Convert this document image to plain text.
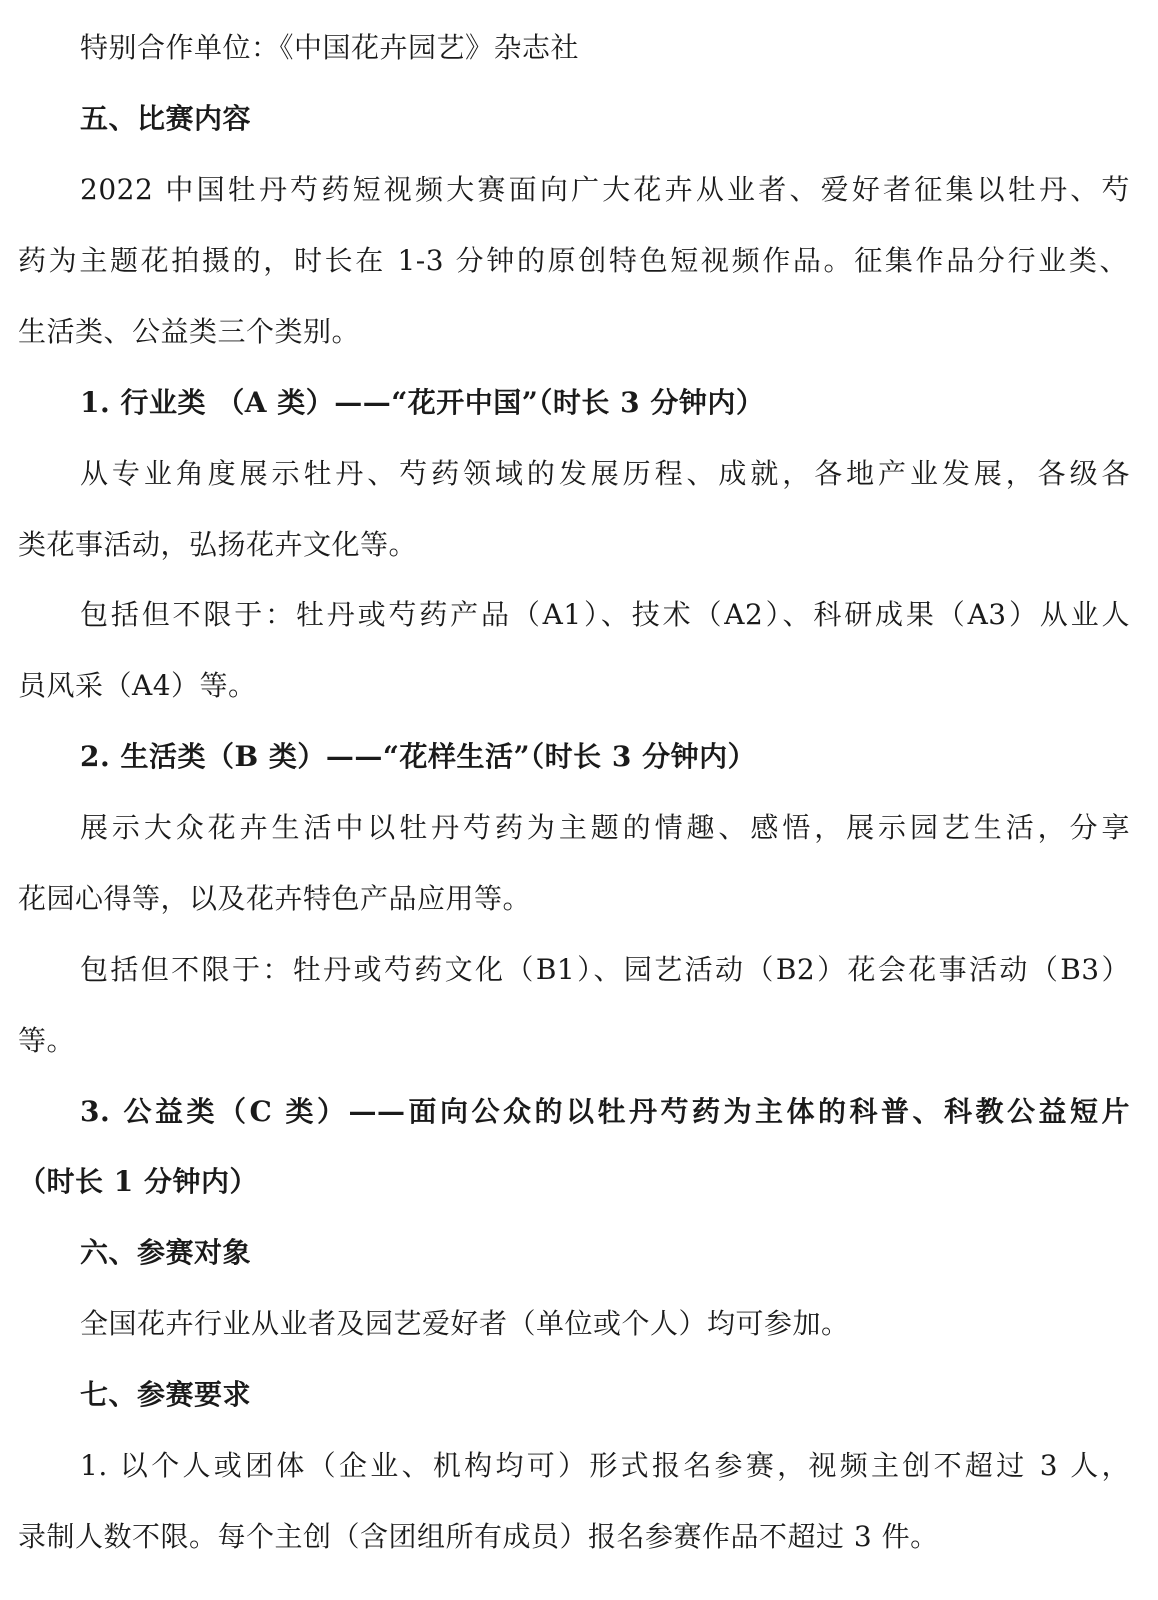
特别合作单位：《中国花卉园艺》杂志社
五、比赛内容
2022 中国牡丹芍药短视频大赛面向广大花卉从业者、爱好者征集以牡丹、芍
药为主题花拍摄的，时长在 1-3 分钟的原创特色短视频作品。征集作品分行业类、
生活类、公益类三个类别。
1. 行业类 （A 类）——“花开中国”（时长 3 分钟内）
从专业角度展示牡丹、芍药领域的发展历程、成就，各地产业发展，各级各
类花事活动，弘扬花卉文化等。
包括但不限于：牡丹或芍药产品（A1）、技术（A2）、科研成果（A3）从业人
员风采（A4）等。
2. 生活类（B 类）——“花样生活”（时长 3 分钟内）
展示大众花卉生活中以牡丹芍药为主题的情趣、感悟，展示园艺生活，分享
花园心得等，以及花卉特色产品应用等。
包括但不限于：牡丹或芍药文化（B1）、园艺活动（B2）花会花事活动（B3）
等。
3. 公益类（C 类）——面向公众的以牡丹芍药为主体的科普、科教公益短片
（时长 1 分钟内）
六、参赛对象
全国花卉行业从业者及园艺爱好者（单位或个人）均可参加。
七、参赛要求
1. 以个人或团体（企业、机构均可）形式报名参赛，视频主创不超过 3 人，
录制人数不限。每个主创（含团组所有成员）报名参赛作品不超过 3 件。
